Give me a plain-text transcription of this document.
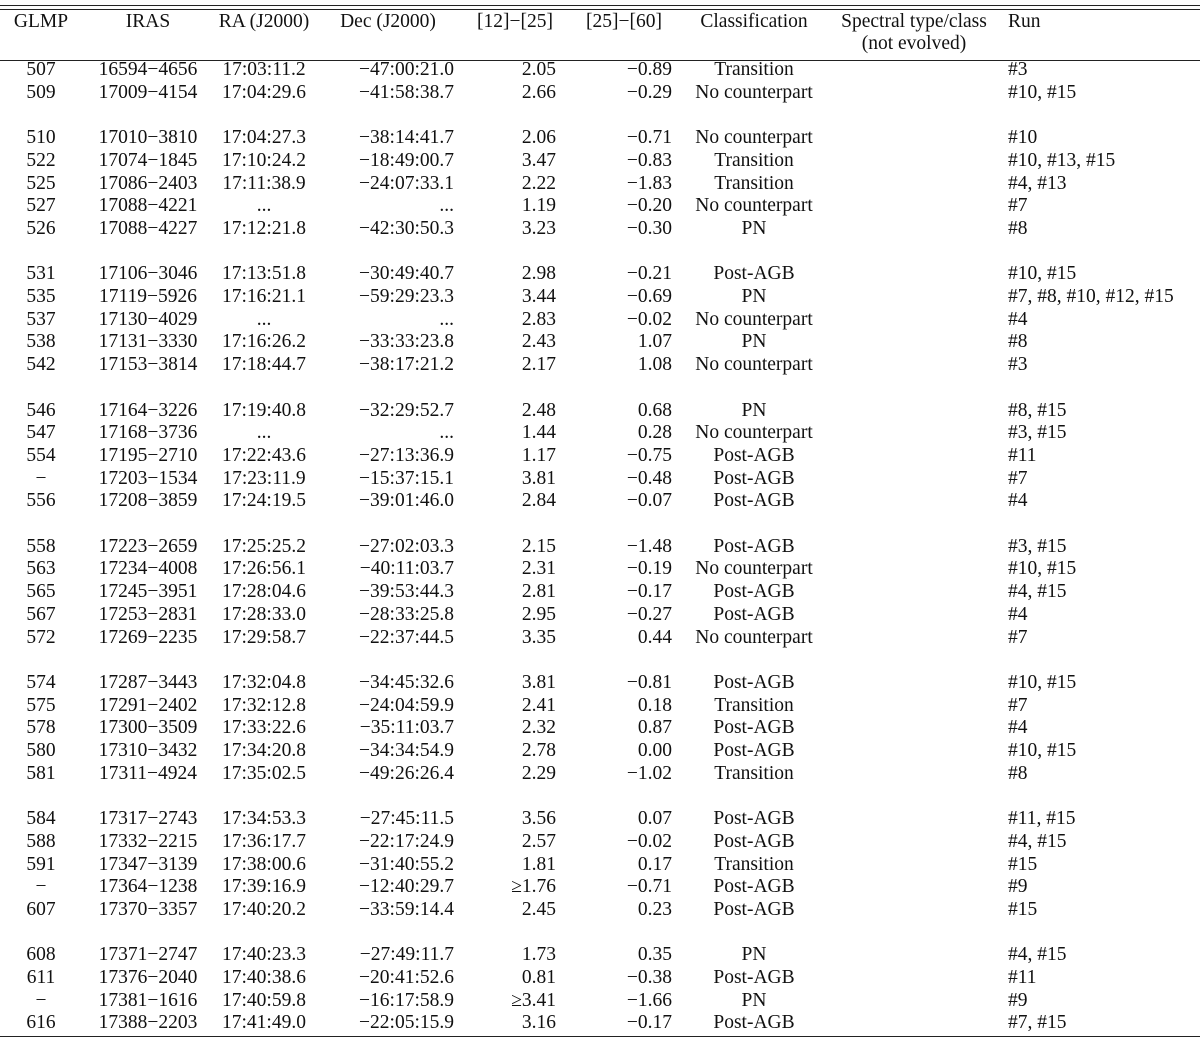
GLMP	IRAS	RA (J2000)	Dec (J2000)	[12]−[25]	[25]−[60]	Classification	Spectral type/class
(not evolved)	Run
507	16594−4656	17:03:11.2	−47:00:21.0	2.05	−0.89	Transition		#3
509	17009−4154	17:04:29.6	−41:58:38.7	2.66	−0.29	No counterpart		#10, #15

510	17010−3810	17:04:27.3	−38:14:41.7	2.06	−0.71	No counterpart		#10
522	17074−1845	17:10:24.2	−18:49:00.7	3.47	−0.83	Transition		#10, #13, #15
525	17086−2403	17:11:38.9	−24:07:33.1	2.22	−1.83	Transition		#4, #13
527	17088−4221	...	...	1.19	−0.20	No counterpart		#7
526	17088−4227	17:12:21.8	−42:30:50.3	3.23	−0.30	PN		#8

531	17106−3046	17:13:51.8	−30:49:40.7	2.98	−0.21	Post-AGB		#10, #15
535	17119−5926	17:16:21.1	−59:29:23.3	3.44	−0.69	PN		#7, #8, #10, #12, #15
537	17130−4029	...	...	2.83	−0.02	No counterpart		#4
538	17131−3330	17:16:26.2	−33:33:23.8	2.43	1.07	PN		#8
542	17153−3814	17:18:44.7	−38:17:21.2	2.17	1.08	No counterpart		#3

546	17164−3226	17:19:40.8	−32:29:52.7	2.48	0.68	PN		#8, #15
547	17168−3736	...	...	1.44	0.28	No counterpart		#3, #15
554	17195−2710	17:22:43.6	−27:13:36.9	1.17	−0.75	Post-AGB		#11
−	17203−1534	17:23:11.9	−15:37:15.1	3.81	−0.48	Post-AGB		#7
556	17208−3859	17:24:19.5	−39:01:46.0	2.84	−0.07	Post-AGB		#4

558	17223−2659	17:25:25.2	−27:02:03.3	2.15	−1.48	Post-AGB		#3, #15
563	17234−4008	17:26:56.1	−40:11:03.7	2.31	−0.19	No counterpart		#10, #15
565	17245−3951	17:28:04.6	−39:53:44.3	2.81	−0.17	Post-AGB		#4, #15
567	17253−2831	17:28:33.0	−28:33:25.8	2.95	−0.27	Post-AGB		#4
572	17269−2235	17:29:58.7	−22:37:44.5	3.35	0.44	No counterpart		#7

574	17287−3443	17:32:04.8	−34:45:32.6	3.81	−0.81	Post-AGB		#10, #15
575	17291−2402	17:32:12.8	−24:04:59.9	2.41	0.18	Transition		#7
578	17300−3509	17:33:22.6	−35:11:03.7	2.32	0.87	Post-AGB		#4
580	17310−3432	17:34:20.8	−34:34:54.9	2.78	0.00	Post-AGB		#10, #15
581	17311−4924	17:35:02.5	−49:26:26.4	2.29	−1.02	Transition		#8

584	17317−2743	17:34:53.3	−27:45:11.5	3.56	0.07	Post-AGB		#11, #15
588	17332−2215	17:36:17.7	−22:17:24.9	2.57	−0.02	Post-AGB		#4, #15
591	17347−3139	17:38:00.6	−31:40:55.2	1.81	0.17	Transition		#15
−	17364−1238	17:39:16.9	−12:40:29.7	≥1.76	−0.71	Post-AGB		#9
607	17370−3357	17:40:20.2	−33:59:14.4	2.45	0.23	Post-AGB		#15

608	17371−2747	17:40:23.3	−27:49:11.7	1.73	0.35	PN		#4, #15
611	17376−2040	17:40:38.6	−20:41:52.6	0.81	−0.38	Post-AGB		#11
−	17381−1616	17:40:59.8	−16:17:58.9	≥3.41	−1.66	PN		#9
616	17388−2203	17:41:49.0	−22:05:15.9	3.16	−0.17	Post-AGB		#7, #15
